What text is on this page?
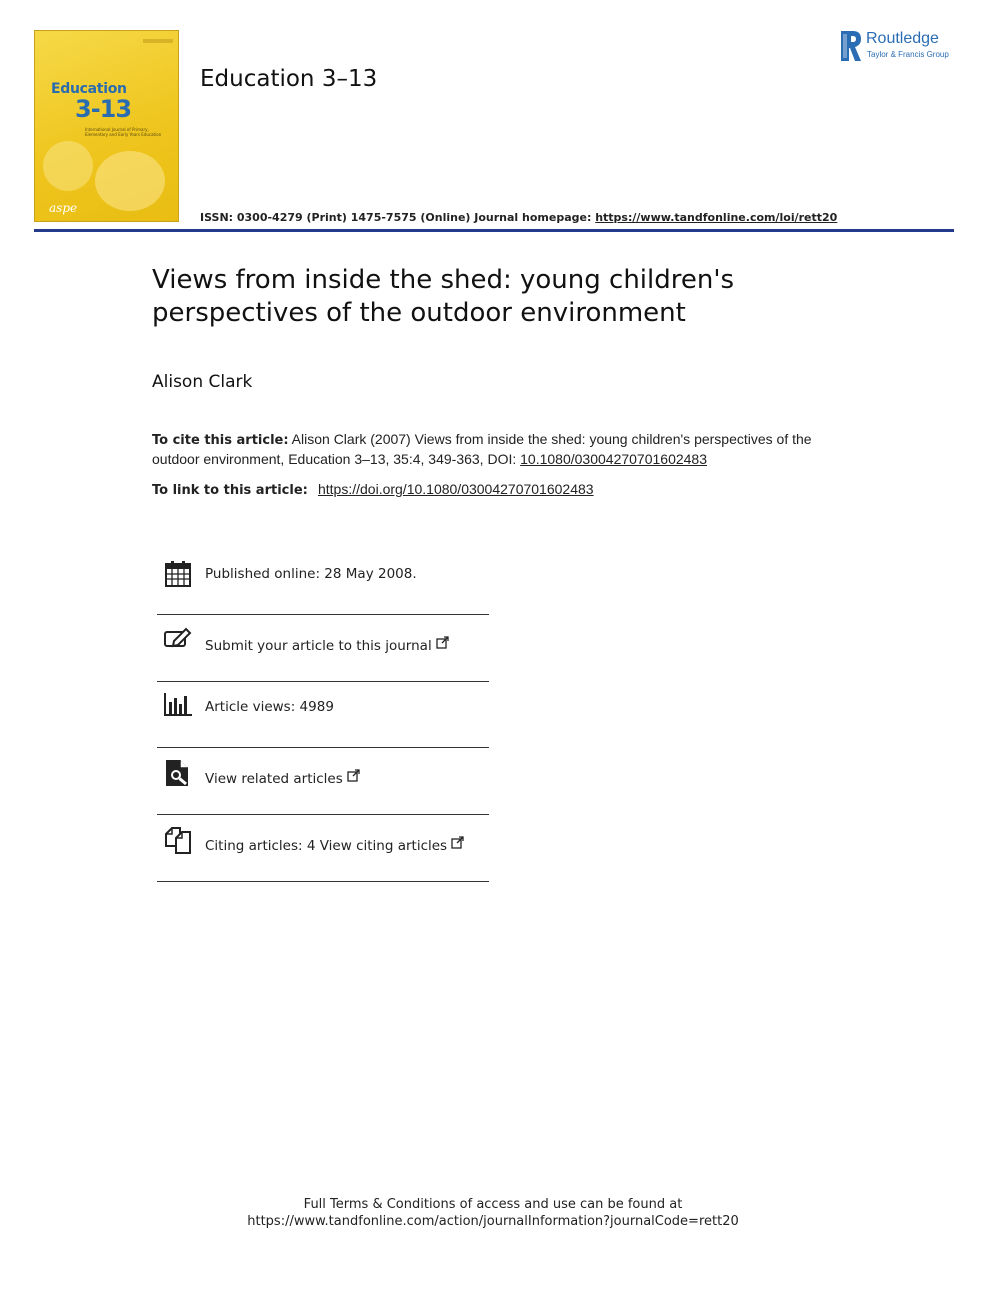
Education
3-13
International Journal of Primary, Elementary and Early Years Education
aspe
Education 3–13
Routledge
Taylor & Francis Group
ISSN: 0300-4279 (Print) 1475-7575 (Online) Journal homepage: https://www.tandfonline.com/loi/rett20
Views from inside the shed: young children's perspectives of the outdoor environment
Alison Clark
To cite this article: Alison Clark (2007) Views from inside the shed: young children's perspectives of the outdoor environment, Education 3–13, 35:4, 349-363, DOI: 10.1080/03004270701602483
To link to this article: https://doi.org/10.1080/03004270701602483
Published online: 28 May 2008.
Submit your article to this journal
Article views: 4989
View related articles
Citing articles: 4 View citing articles
Full Terms & Conditions of access and use can be found at
https://www.tandfonline.com/action/journalInformation?journalCode=rett20
